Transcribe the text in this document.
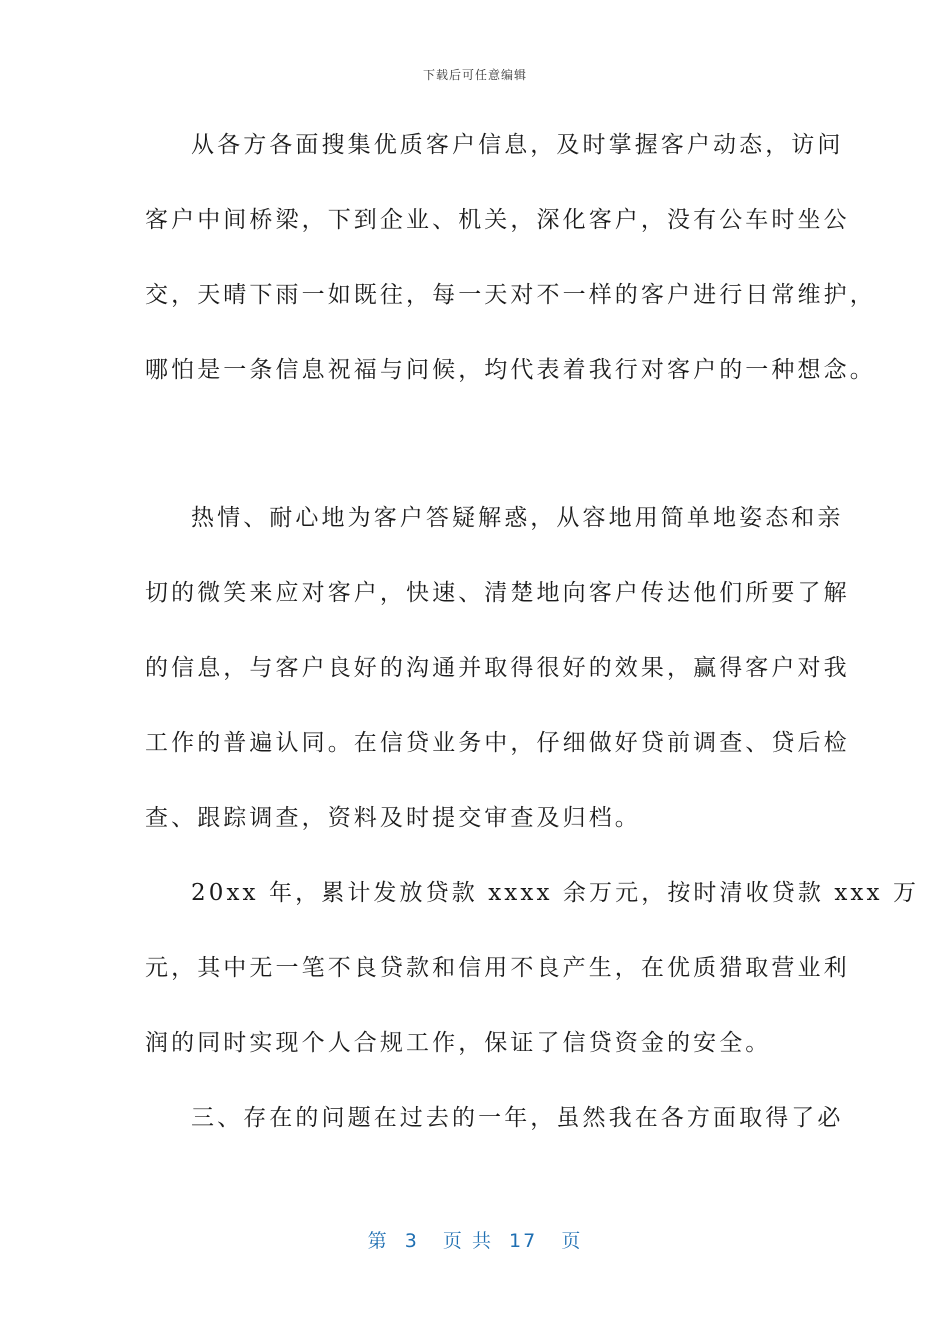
下载后可任意编辑
从各方各面搜集优质客户信息，及时掌握客户动态，访问
客户中间桥梁，下到企业、机关，深化客户，没有公车时坐公
交，天晴下雨一如既往，每一天对不一样的客户进行日常维护，
哪怕是一条信息祝福与问候，均代表着我行对客户的一种想念。
热情、耐心地为客户答疑解惑，从容地用简单地姿态和亲
切的微笑来应对客户，快速、清楚地向客户传达他们所要了解
的信息，与客户良好的沟通并取得很好的效果，赢得客户对我
工作的普遍认同。在信贷业务中，仔细做好贷前调查、贷后检
查、跟踪调查，资料及时提交审查及归档。
20xx 年，累计发放贷款 xxxx 余万元，按时清收贷款 xxx 万
元，其中无一笔不良贷款和信用不良产生，在优质猎取营业利
润的同时实现个人合规工作，保证了信贷资金的安全。
三、存在的问题在过去的一年，虽然我在各方面取得了必
第  3   页 共  17   页
